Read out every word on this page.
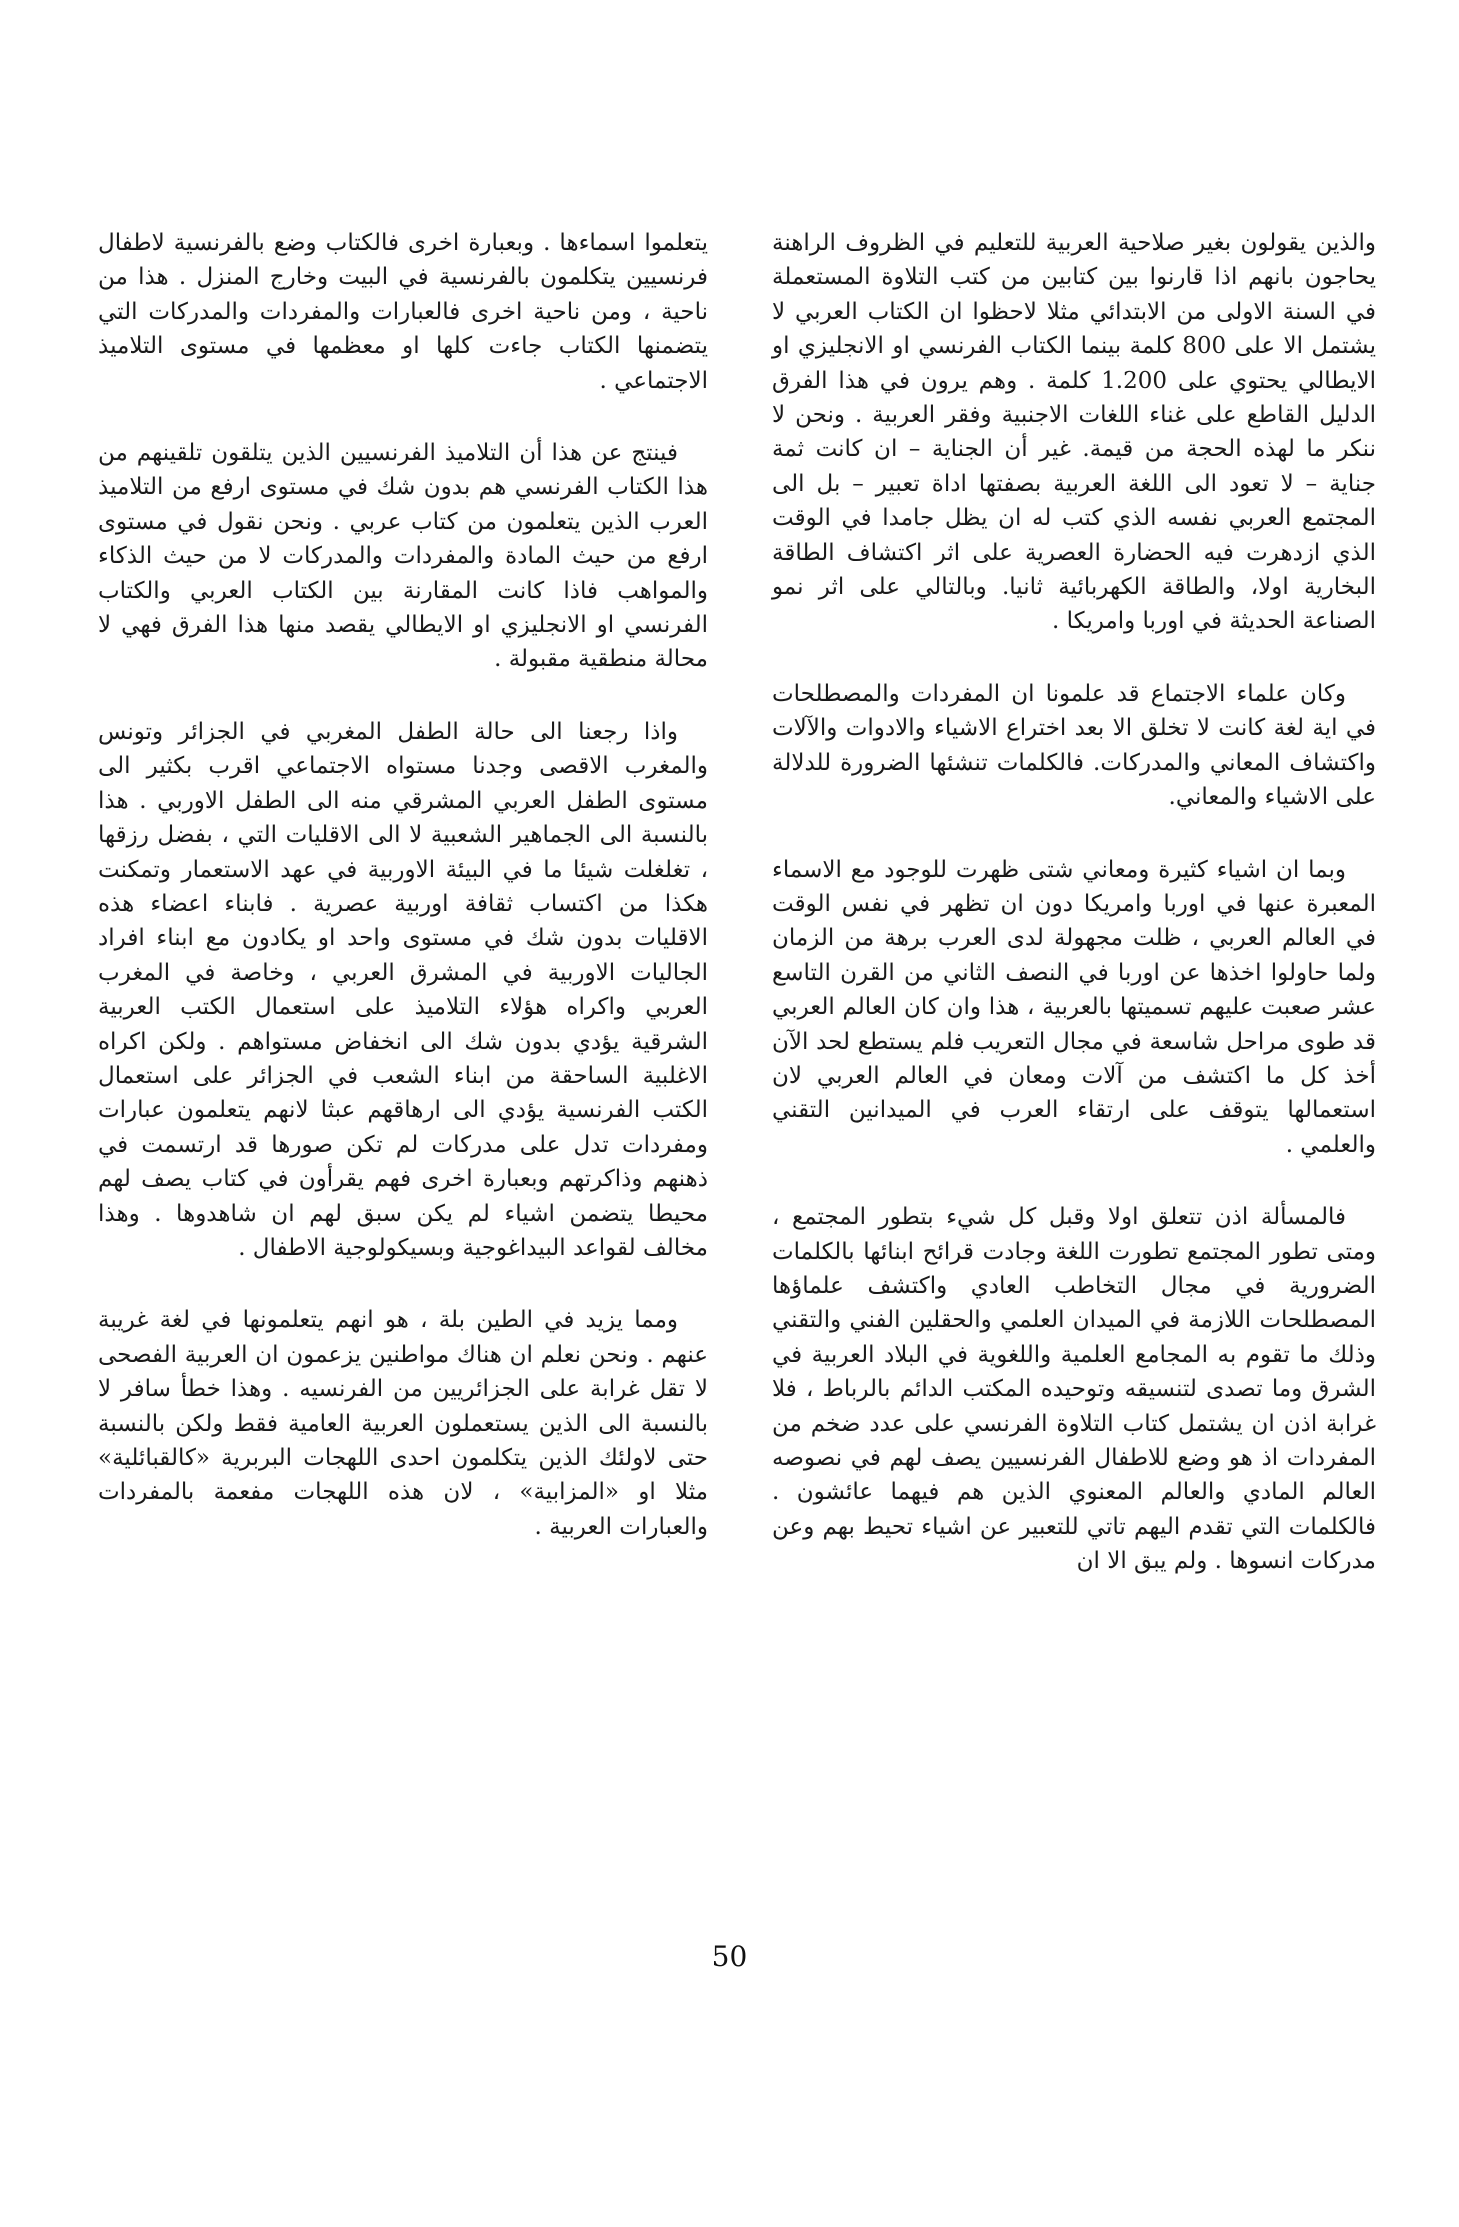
والذين يقولون بغير صلاحية العربية للتعليم في الظروف الراهنة يحاجون بانهم اذا قارنوا بين كتابين من كتب التلاوة المستعملة في السنة الاولى من الابتدائي مثلا لاحظوا ان الكتاب العربي لا يشتمل الا على 800 كلمة بينما الكتاب الفرنسي او الانجليزي او الايطالي يحتوي على 1.200 كلمة . وهم يرون في هذا الفرق الدليل القاطع على غناء اللغات الاجنبية وفقر العربية . ونحن لا ننكر ما لهذه الحجة من قيمة. غير أن الجناية – ان كانت ثمة جناية – لا تعود الى اللغة العربية بصفتها اداة تعبير – بل الى المجتمع العربي نفسه الذي كتب له ان يظل جامدا في الوقت الذي ازدهرت فيه الحضارة العصرية على اثر اكتشاف الطاقة البخارية اولا، والطاقة الكهربائية ثانيا. وبالتالي على اثر نمو الصناعة الحديثة في اوربا وامريكا .

وكان علماء الاجتماع قد علمونا ان المفردات والمصطلحات في اية لغة كانت لا تخلق الا بعد اختراع الاشياء والادوات والآلات واكتشاف المعاني والمدركات. فالكلمات تنشئها الضرورة للدلالة على الاشياء والمعاني.

وبما ان اشياء كثيرة ومعاني شتى ظهرت للوجود مع الاسماء المعبرة عنها في اوربا وامريكا دون ان تظهر في نفس الوقت في العالم العربي ، ظلت مجهولة لدى العرب برهة من الزمان ولما حاولوا اخذها عن اوربا في النصف الثاني من القرن التاسع عشر صعبت عليهم تسميتها بالعربية ، هذا وان كان العالم العربي قد طوى مراحل شاسعة في مجال التعريب فلم يستطع لحد الآن أخذ كل ما اكتشف من آلات ومعان في العالم العربي لان استعمالها يتوقف على ارتقاء العرب في الميدانين التقني والعلمي .

فالمسألة اذن تتعلق اولا وقبل كل شيء بتطور المجتمع ، ومتى تطور المجتمع تطورت اللغة وجادت قرائح ابنائها بالكلمات الضرورية في مجال التخاطب العادي واكتشف علماؤها المصطلحات اللازمة في الميدان العلمي والحقلين الفني والتقني وذلك ما تقوم به المجامع العلمية واللغوية في البلاد العربية في الشرق وما تصدى لتنسيقه وتوحيده المكتب الدائم بالرباط ، فلا غرابة اذن ان يشتمل كتاب التلاوة الفرنسي على عدد ضخم من المفردات اذ هو وضع للاطفال الفرنسيين يصف لهم في نصوصه العالم المادي والعالم المعنوي الذين هم فيهما عائشون . فالكلمات التي تقدم اليهم تاتي للتعبير عن اشياء تحيط بهم وعن مدركات انسوها . ولم يبق الا ان

يتعلموا اسماءها . وبعبارة اخرى فالكتاب وضع بالفرنسية لاطفال فرنسيين يتكلمون بالفرنسية في البيت وخارج المنزل . هذا من ناحية ، ومن ناحية اخرى فالعبارات والمفردات والمدركات التي يتضمنها الكتاب جاءت كلها او معظمها في مستوى التلاميذ الاجتماعي .

فينتج عن هذا أن التلاميذ الفرنسيين الذين يتلقون تلقينهم من هذا الكتاب الفرنسي هم بدون شك في مستوى ارفع من التلاميذ العرب الذين يتعلمون من كتاب عربي . ونحن نقول في مستوى ارفع من حيث المادة والمفردات والمدركات لا من حيث الذكاء والمواهب فاذا كانت المقارنة بين الكتاب العربي والكتاب الفرنسي او الانجليزي او الايطالي يقصد منها هذا الفرق فهي لا محالة منطقية مقبولة .

واذا رجعنا الى حالة الطفل المغربي في الجزائر وتونس والمغرب الاقصى وجدنا مستواه الاجتماعي اقرب بكثير الى مستوى الطفل العربي المشرقي منه الى الطفل الاوربي . هذا بالنسبة الى الجماهير الشعبية لا الى الاقليات التي ، بفضل رزقها ، تغلغلت شيئا ما في البيئة الاوربية في عهد الاستعمار وتمكنت هكذا من اكتساب ثقافة اوربية عصرية . فابناء اعضاء هذه الاقليات بدون شك في مستوى واحد او يكادون مع ابناء افراد الجاليات الاوربية في المشرق العربي ، وخاصة في المغرب العربي واكراه هؤلاء التلاميذ على استعمال الكتب العربية الشرقية يؤدي بدون شك الى انخفاض مستواهم . ولكن اكراه الاغلبية الساحقة من ابناء الشعب في الجزائر على استعمال الكتب الفرنسية يؤدي الى ارهاقهم عبثا لانهم يتعلمون عبارات ومفردات تدل على مدركات لم تكن صورها قد ارتسمت في ذهنهم وذاكرتهم وبعبارة اخرى فهم يقرأون في كتاب يصف لهم محيطا يتضمن اشياء لم يكن سبق لهم ان شاهدوها . وهذا مخالف لقواعد البيداغوجية وبسيكولوجية الاطفال .

ومما يزيد في الطين بلة ، هو انهم يتعلمونها في لغة غريبة عنهم . ونحن نعلم ان هناك مواطنين يزعمون ان العربية الفصحى لا تقل غرابة على الجزائريين من الفرنسيه . وهذا خطأ سافر لا بالنسبة الى الذين يستعملون العربية العامية فقط ولكن بالنسبة حتى لاولئك الذين يتكلمون احدى اللهجات البربرية «كالقبائلية» مثلا او «المزابية» ، لان هذه اللهجات مفعمة بالمفردات والعبارات العربية .

50
